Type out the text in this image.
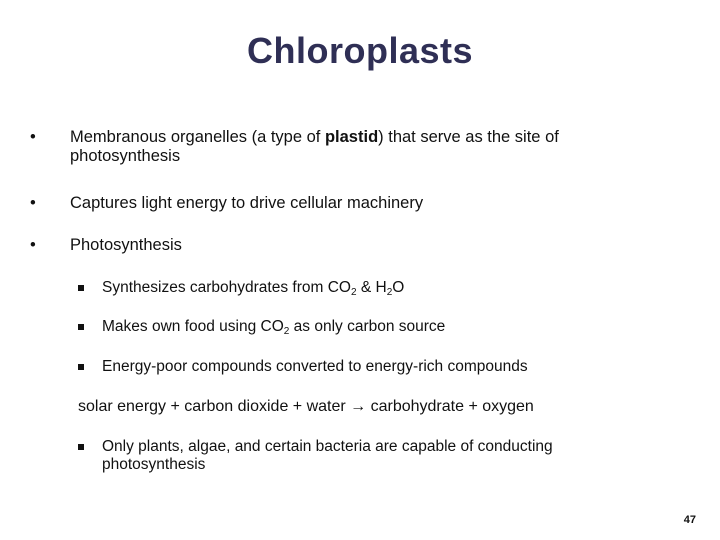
Chloroplasts
• Membranous organelles (a type of plastid) that serve as the site of
photosynthesis
• Captures light energy to drive cellular machinery
• Photosynthesis
Synthesizes carbohydrates from $CO_2$ & $H_2O$
Makes own food using $CO_2$ as only carbon source
Energy-poor compounds converted to energy-rich compounds
solar energy + carbon dioxide + water → carbohydrate + oxygen
Only plants, algae, and certain bacteria are capable of conducting
photosynthesis
47
